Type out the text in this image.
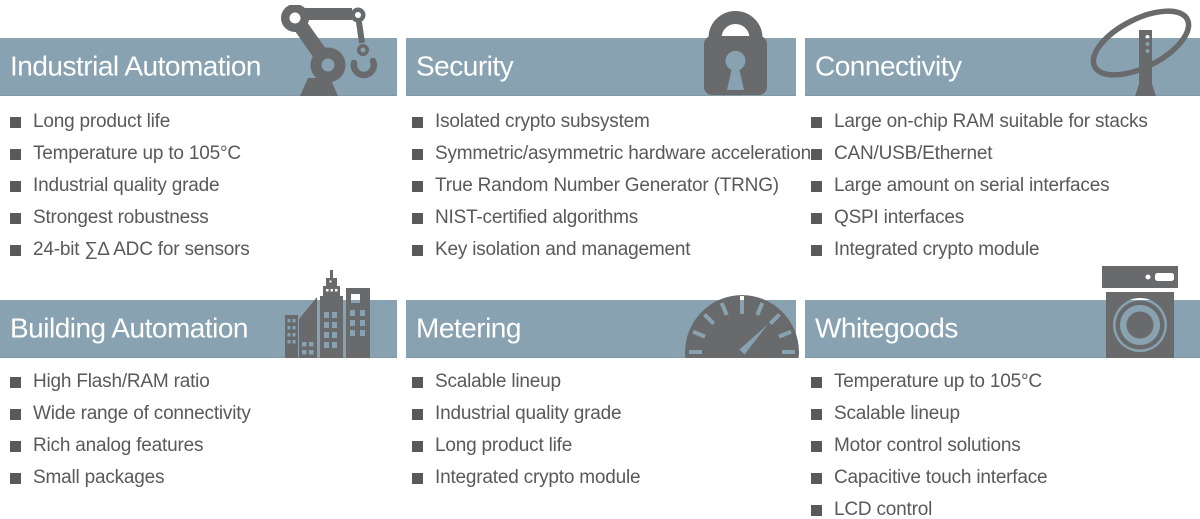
Industrial Automation
Long product life
Temperature up to 105°C
Industrial quality grade
Strongest robustness
24-bit ∑∆ ADC for sensors
Security
Isolated crypto subsystem
Symmetric/asymmetric hardware acceleration
True Random Number Generator (TRNG)
NIST-certified algorithms
Key isolation and management
Connectivity
Large on-chip RAM suitable for stacks
CAN/USB/Ethernet
Large amount on serial interfaces
QSPI interfaces
Integrated crypto module
Building Automation
High Flash/RAM ratio
Wide range of connectivity
Rich analog features
Small packages
Metering
Scalable lineup
Industrial quality grade
Long product life
Integrated crypto module
Whitegoods
Temperature up to 105°C
Scalable lineup
Motor control solutions
Capacitive touch interface
LCD control
